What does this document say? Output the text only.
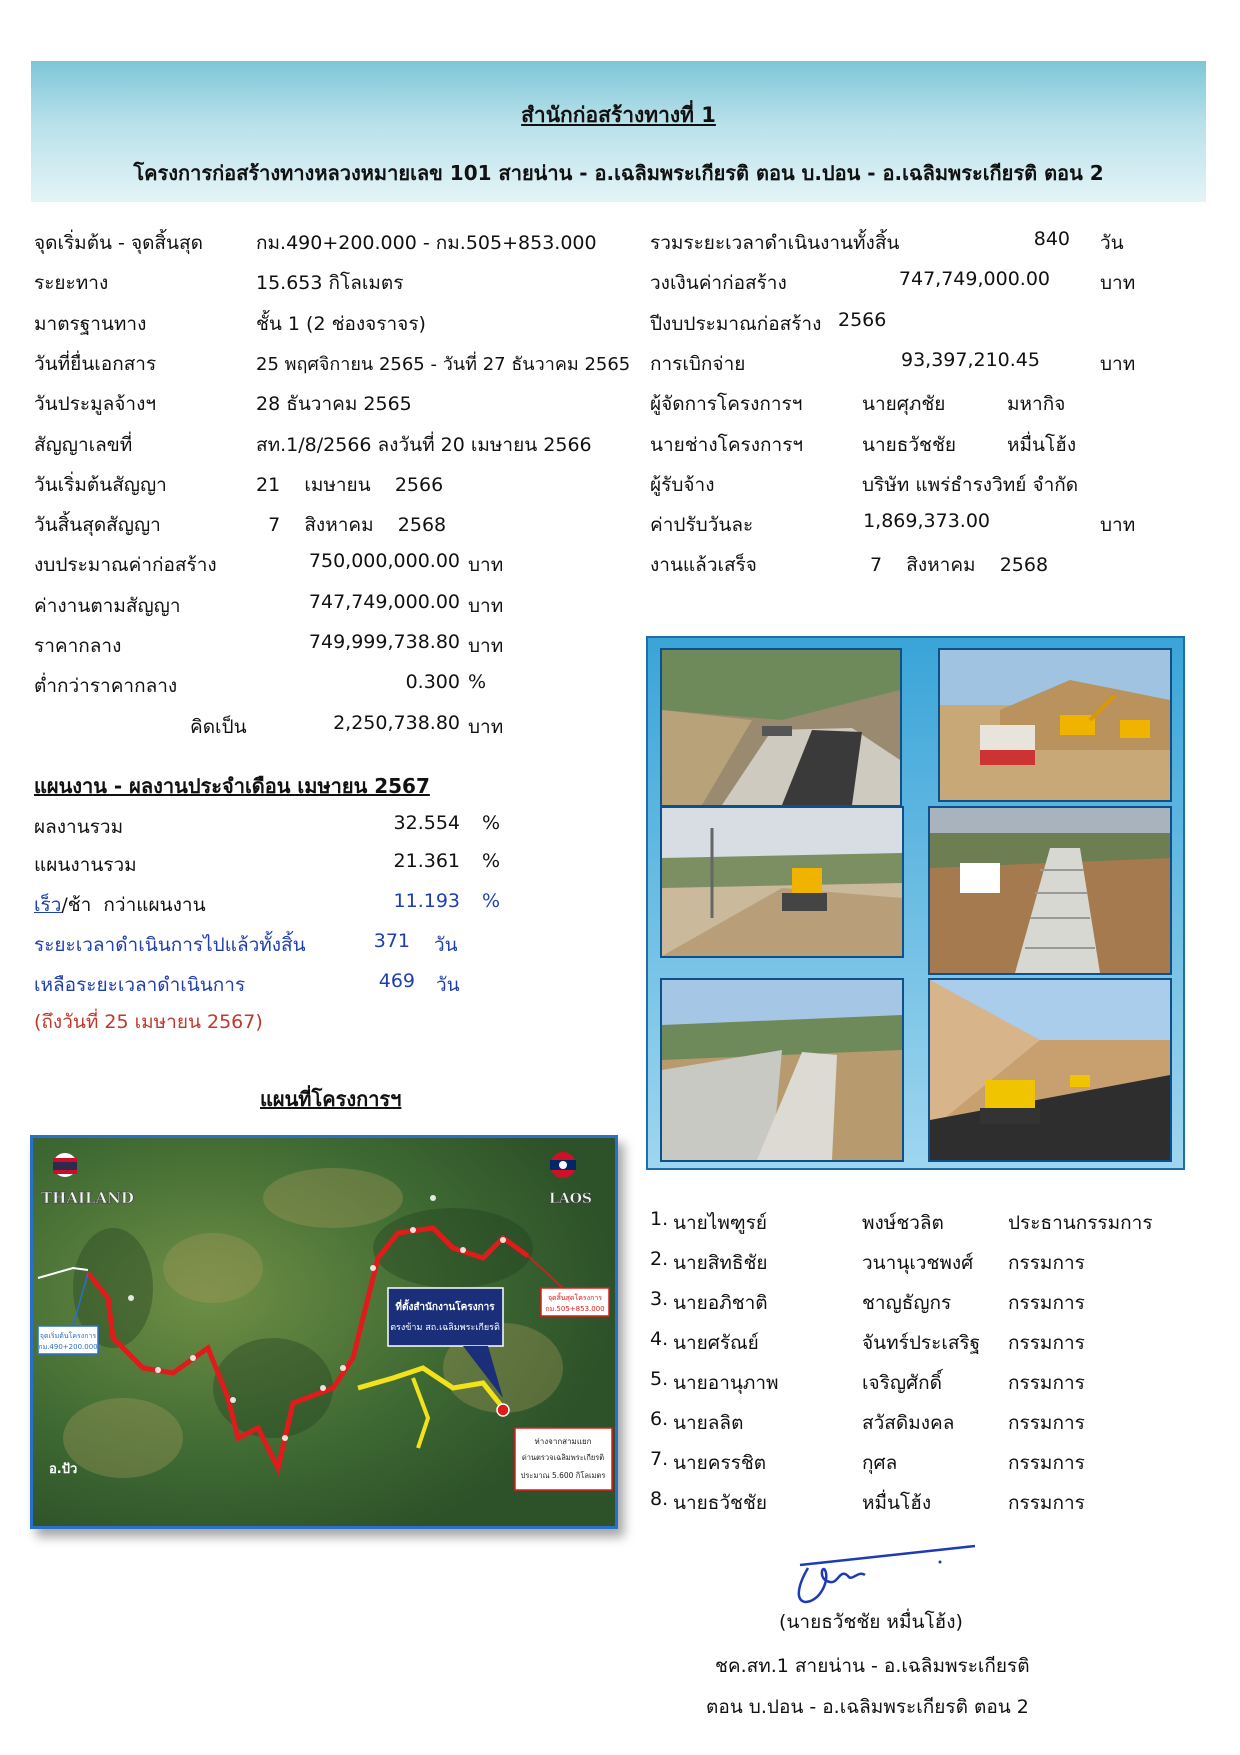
สำนักก่อสร้างทางที่ 1
โครงการก่อสร้างทางหลวงหมายเลข 101 สายน่าน - อ.เฉลิมพระเกียรติ ตอน บ.ปอน - อ.เฉลิมพระเกียรติ ตอน 2
จุดเริ่มต้น - จุดสิ้นสุด	กม.490+200.000 - กม.505+853.000
ระยะทาง	15.653 กิโลเมตร
มาตรฐานทาง	ชั้น 1 (2 ช่องจราจร)
วันที่ยื่นเอกสาร	25 พฤศจิกายน 2565 - วันที่ 27 ธันวาคม 2565
วันประมูลจ้างฯ	28 ธันวาคม 2565
สัญญาเลขที่	สท.1/8/2566 ลงวันที่ 20 เมษายน 2566
วันเริ่มต้นสัญญา	21    เมษายน    2566
วันสิ้นสุดสัญญา	7    สิงหาคม    2568
งบประมาณค่าก่อสร้าง	750,000,000.00 บาท
ค่างานตามสัญญา	747,749,000.00 บาท
ราคากลาง	749,999,738.80 บาท
ต่ำกว่าราคากลาง	0.300 %
คิดเป็น	2,250,738.80 บาท
รวมระยะเวลาดำเนินงานทั้งสิ้น	840 วัน
วงเงินค่าก่อสร้าง	747,749,000.00	บาท
ปีงบประมาณก่อสร้าง 2566
การเบิกจ่าย	93,397,210.45	บาท
ผู้จัดการโครงการฯ	นายศุภชัย	มหากิจ
นายช่างโครงการฯ	นายธวัชชัย	หมื่นโฮ้ง
ผู้รับจ้าง	บริษัท แพร่ธำรงวิทย์ จำกัด
ค่าปรับวันละ	1,869,373.00	บาท
งานแล้วเสร็จ	7    สิงหาคม    2568
แผนงาน - ผลงานประจำเดือน เมษายน 2567
ผลงานรวม	32.554 %
แผนงานรวม	21.361 %
เร็ว/ช้า  กว่าแผนงาน	11.193 %
ระยะเวลาดำเนินการไปแล้วทั้งสิ้น	371 วัน
เหลือระยะเวลาดำเนินการ	469 วัน
(ถึงวันที่ 25 เมษายน 2567)
แผนที่โครงการฯ
THAILAND	LAOS
อ.ปัว
จุดเริ่มต้นโครงการ
กม.490+200.000
จุดสิ้นสุดโครงการ
กม.505+853.000
ที่ตั้งสำนักงานโครงการ
ตรงข้าม สถ.เฉลิมพระเกียรติ
ห่างจากสามแยก
ด่านตรวจเฉลิมพระเกียรติ
ประมาณ 5.600 กิโลเมตร
1. นายไพฑูรย์	พงษ์ชวลิต	ประธานกรรมการ
2. นายสิทธิชัย	วนานุเวชพงศ์ กรรมการ
3. นายอภิชาติ	ชาญธัญกร	กรรมการ
4. นายศรัณย์	จันทร์ประเสริฐ กรรมการ
5. นายอานุภาพ	เจริญศักดิ์	กรรมการ
6. นายลลิต	สวัสดิมงคล	กรรมการ
7. นายครรชิต	กุศล	กรรมการ
8. นายธวัชชัย	หมื่นโฮ้ง	กรรมการ
(นายธวัชชัย หมื่นโฮ้ง)
ชค.สท.1 สายน่าน - อ.เฉลิมพระเกียรติ
ตอน บ.ปอน - อ.เฉลิมพระเกียรติ ตอน 2
